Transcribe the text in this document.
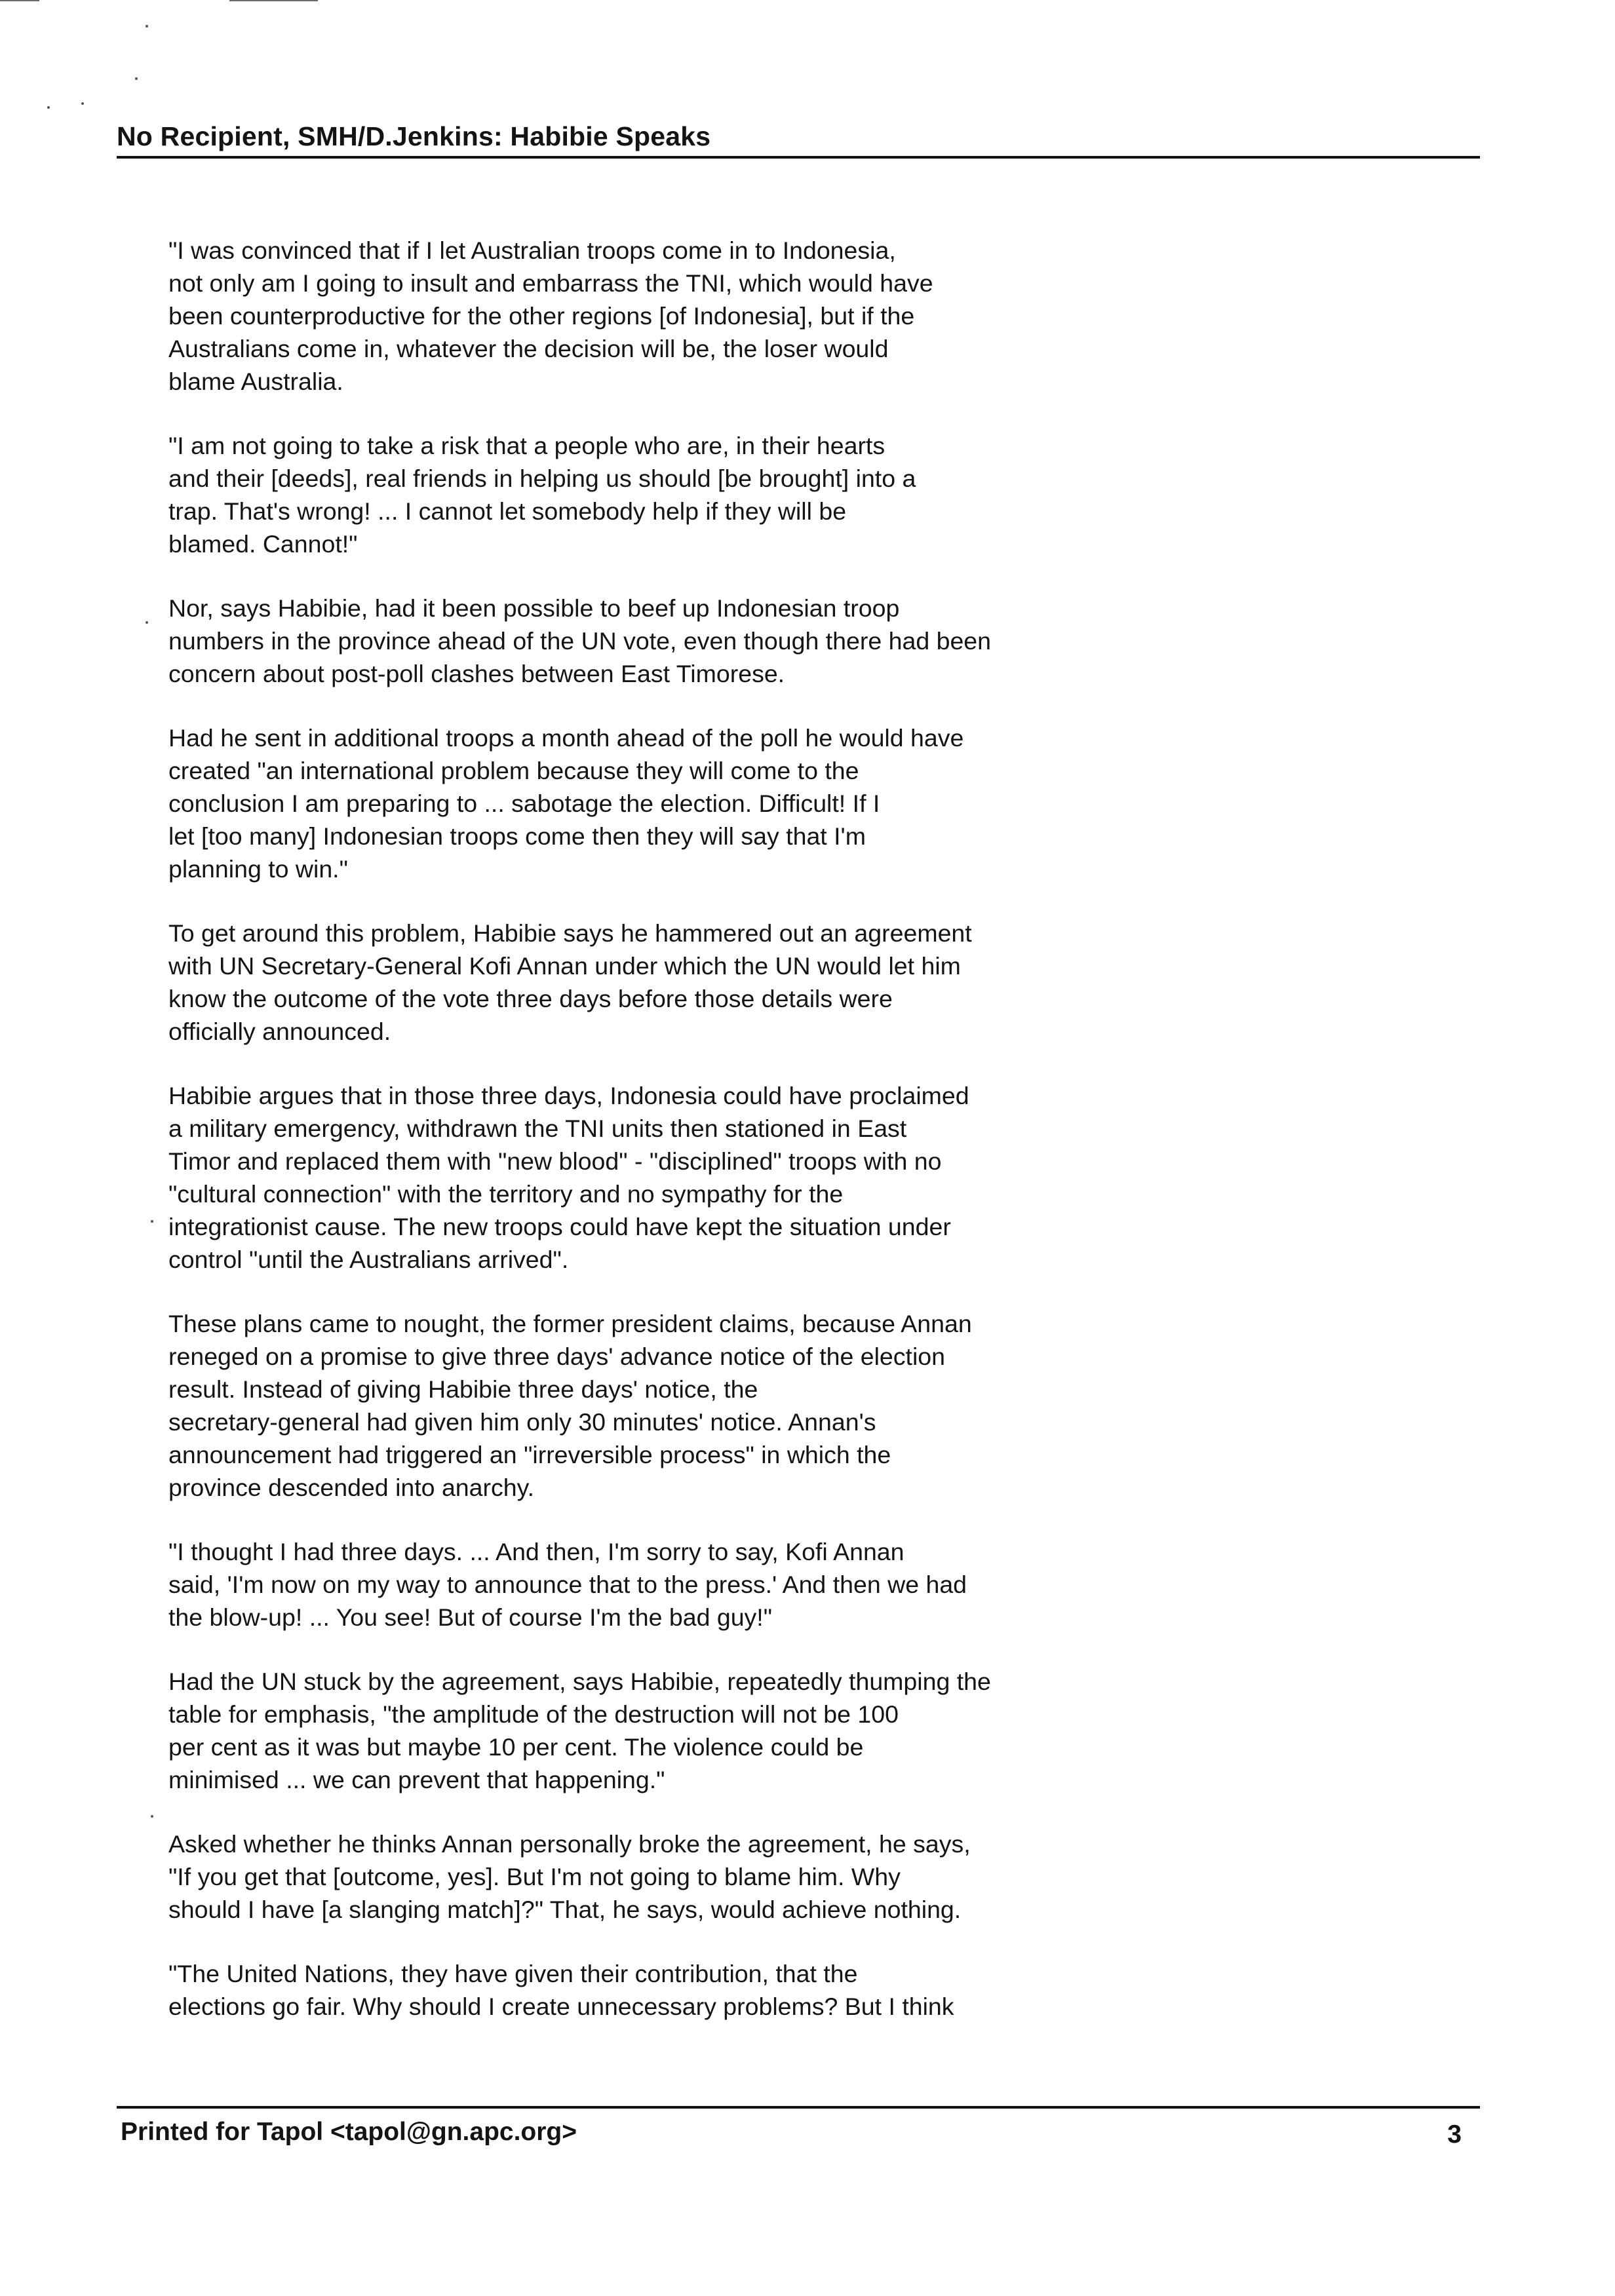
No Recipient, SMH/D.Jenkins: Habibie Speaks
"I was convinced that if I let Australian troops come in to Indonesia,
not only am I going to insult and embarrass the TNI, which would have
been counterproductive for the other regions [of Indonesia], but if the
Australians come in, whatever the decision will be, the loser would
blame Australia.
"I am not going to take a risk that a people who are, in their hearts
and their [deeds], real friends in helping us should [be brought] into a
trap. That's wrong! ... I cannot let somebody help if they will be
blamed. Cannot!"
Nor, says Habibie, had it been possible to beef up Indonesian troop
numbers in the province ahead of the UN vote, even though there had been
concern about post-poll clashes between East Timorese.
Had he sent in additional troops a month ahead of the poll he would have
created "an international problem because they will come to the
conclusion I am preparing to ... sabotage the election. Difficult! If I
let [too many] Indonesian troops come then they will say that I'm
planning to win."
To get around this problem, Habibie says he hammered out an agreement
with UN Secretary-General Kofi Annan under which the UN would let him
know the outcome of the vote three days before those details were
officially announced.
Habibie argues that in those three days, Indonesia could have proclaimed
a military emergency, withdrawn the TNI units then stationed in East
Timor and replaced them with "new blood" - "disciplined" troops with no
"cultural connection" with the territory and no sympathy for the
integrationist cause. The new troops could have kept the situation under
control "until the Australians arrived".
These plans came to nought, the former president claims, because Annan
reneged on a promise to give three days' advance notice of the election
result. Instead of giving Habibie three days' notice, the
secretary-general had given him only 30 minutes' notice. Annan's
announcement had triggered an "irreversible process" in which the
province descended into anarchy.
"I thought I had three days. ... And then, I'm sorry to say, Kofi Annan
said, 'I'm now on my way to announce that to the press.' And then we had
the blow-up! ... You see! But of course I'm the bad guy!"
Had the UN stuck by the agreement, says Habibie, repeatedly thumping the
table for emphasis, "the amplitude of the destruction will not be 100
per cent as it was but maybe 10 per cent. The violence could be
minimised ... we can prevent that happening."
Asked whether he thinks Annan personally broke the agreement, he says,
"If you get that [outcome, yes]. But I'm not going to blame him. Why
should I have [a slanging match]?" That, he says, would achieve nothing.
"The United Nations, they have given their contribution, that the
elections go fair. Why should I create unnecessary problems? But I think
Printed for Tapol <tapol@gn.apc.org>	3
